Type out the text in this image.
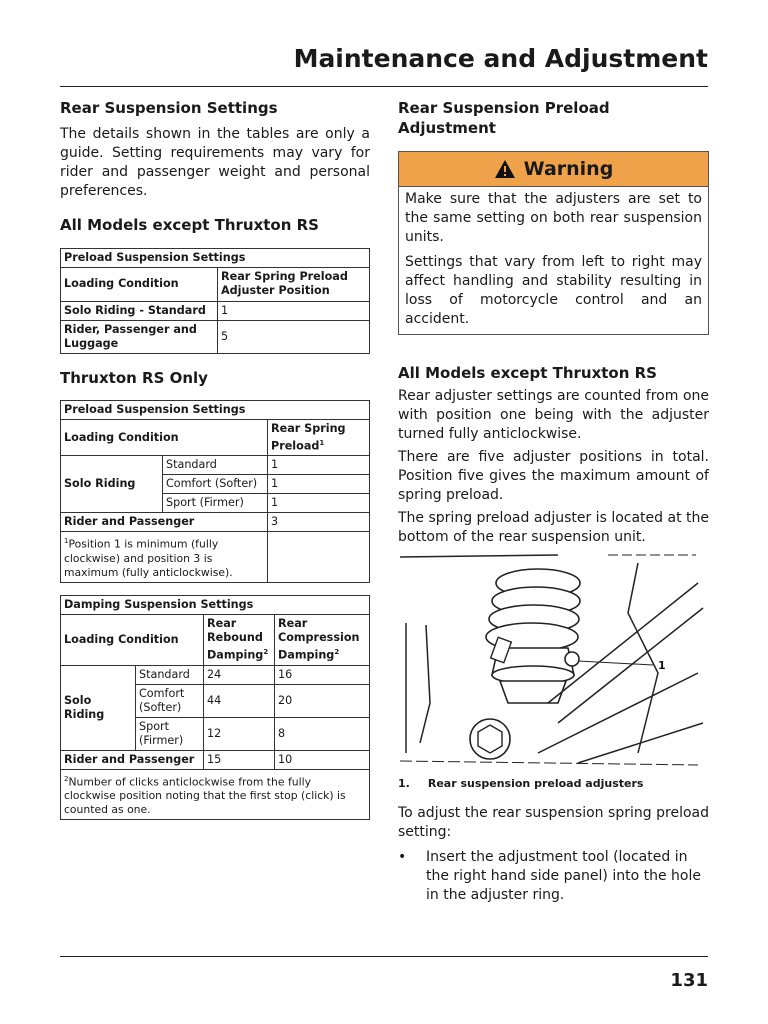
Maintenance and Adjustment
Rear Suspension Settings

The details shown in the tables are only a guide. Setting requirements may vary for rider and passenger weight and personal preferences.

All Models except Thruxton RS
Preload Suspension Settings	
Loading Condition	Rear Spring Preload Adjuster Position
Solo Riding - Standard	1
Rider, Passenger and Luggage	5
Thruxton RS Only
Preload Suspension Settings		
Loading Condition		Rear Spring Preload$^1$
Solo Riding	Standard	1
	Comfort (Softer)	1
	Sport (Firmer)	1
Rider and Passenger		3
$^1$Position 1 is minimum (fully clockwise) and position 3 is maximum (fully anticlockwise).		
Damping Suspension Settings			
Loading Condition		Rear Rebound Damping$^2$	Rear Compression Damping$^2$
Solo Riding	Standard	24	16
	Comfort (Softer)	44	20
	Sport (Firmer)	12	8
Rider and Passenger		15	10
$^2$Number of clicks anticlockwise from the fully clockwise position noting that the first stop (click) is counted as one.			
Rear Suspension Preload Adjustment
Warning

Make sure that the adjusters are set to the same setting on both rear suspension units.

Settings that vary from left to right may affect handling and stability resulting in loss of motorcycle control and an accident.

All Models except Thruxton RS

Rear adjuster settings are counted from one with position one being with the adjuster turned fully anticlockwise.

There are five adjuster positions in total. Position five gives the maximum amount of spring preload.

The spring preload adjuster is located at the bottom of the rear suspension unit.

1
1. Rear suspension preload adjusters

To adjust the rear suspension spring preload setting:

•	Insert the adjustment tool (located in the right hand side panel) into the hole in the adjuster ring.
131
